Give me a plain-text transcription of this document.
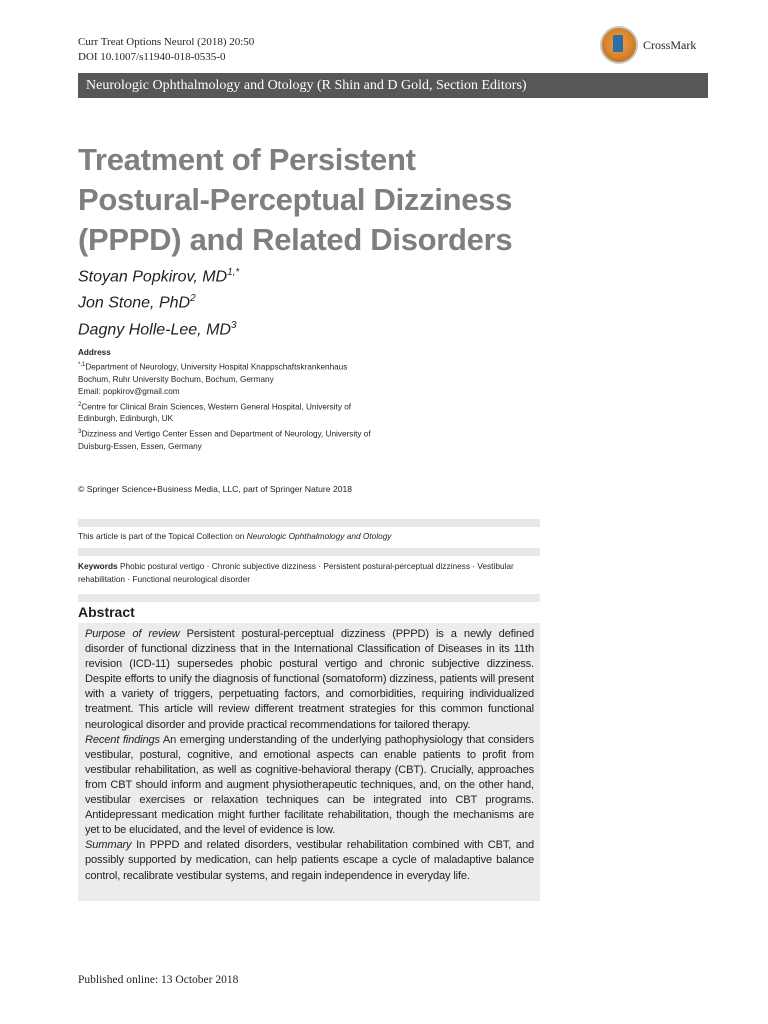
Curr Treat Options Neurol (2018) 20:50
DOI 10.1007/s11940-018-0535-0
CrossMark
Neurologic Ophthalmology and Otology (R Shin and D Gold, Section Editors)
Treatment of Persistent
Postural-Perceptual Dizziness
(PPPD) and Related Disorders
Stoyan Popkirov, $MD^{1,*}$
Jon Stone, PhD$^2$
Dagny Holle-Lee, $MD^3$
Address
$^{*,1}$Department of Neurology, University Hospital Knappschaftskrankenhaus
Bochum, Ruhr University Bochum, Bochum, Germany
Email: popkirov@gmail.com
$^2$Centre for Clinical Brain Sciences, Western General Hospital, University of
Edinburgh, Edinburgh, UK
$^3$Dizziness and Vertigo Center Essen and Department of Neurology, University of
Duisburg-Essen, Essen, Germany
© Springer Science+Business Media, LLC, part of Springer Nature 2018
This article is part of the Topical Collection on Neurologic Ophthalmology and Otology
Keywords Phobic postural vertigo · Chronic subjective dizziness · Persistent postural-perceptual dizziness · Vestibular
rehabilitation · Functional neurological disorder
Abstract

Purpose of review Persistent postural-perceptual dizziness (PPPD) is a newly defined disorder of functional dizziness that in the International Classification of Diseases in its 11th revision (ICD-11) supersedes phobic postural vertigo and chronic subjective dizziness. Despite efforts to unify the diagnosis of functional (somatoform) dizziness, patients will present with a variety of triggers, perpetuating factors, and comorbidities, requiring individualized treatment. This article will review different treatment strategies for this common functional neurological disorder and provide practical recommendations for tailored therapy.

Recent findings An emerging understanding of the underlying pathophysiology that considers vestibular, postural, cognitive, and emotional aspects can enable patients to profit from vestibular rehabilitation, as well as cognitive-behavioral therapy (CBT). Crucially, approaches from CBT should inform and augment physiotherapeutic techniques, and, on the other hand, vestibular exercises or relaxation techniques can be integrated into CBT programs. Antidepressant medication might further facilitate rehabilitation, though the mechanisms are yet to be elucidated, and the level of evidence is low.

Summary In PPPD and related disorders, vestibular rehabilitation combined with CBT, and possibly supported by medication, can help patients escape a cycle of maladaptive balance control, recalibrate vestibular systems, and regain independence in everyday life.

Published online: 13 October 2018
